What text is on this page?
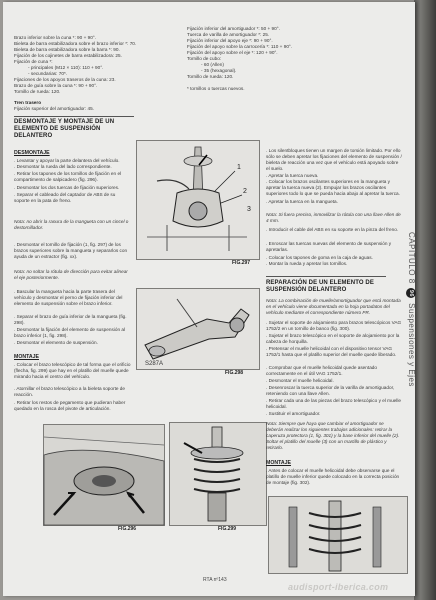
Brazo inferior sobre la cuna *: 90 + 90°.
Bieleta de barra estabilizadora sobre el brazo inferior *: 70.
Bieleta de barra estabilizadora sobre la barra *: 90.
Fijación de los cojinetes de barra estabilizadora: 25.
Fijación de cuna *:
- principales (M12 × 110): 110 + 90°.
- secundarias: 70*.
Fijaciones de los apoyos traseros de la cuna: 23.
Brazo de guía sobre la cuna *: 90 + 90°.
Tornillo de rueda: 120.
Tren trasero
Fijación superior del amortiguador: 45.
DESMONTAJE Y MONTAJE DE UN ELEMENTO DE SUSPENSIÓN DELANTERO
DESMONTAJE
. Levantar y apoyar la parte delantera del vehículo.
. Desmontar la rueda del lado correspondiente.
. Retirar los tapones de los tornillos de fijación en el compartimento de salpicadero (fig. 296).
. Desmontar los dos tuercas de fijación superiores.
. Separar el cableado del captador de ABS de su soporte en la pata de freno.
Nota: no abrir la ranura de la mangueta con un cincel o destornillador.
. Desmontar el tornillo de fijación (1, fig. 297) de los brazos superiores sobre la mangueta y separarlos con ayuda de un extractor (fig. xx).
Nota: no soltar la rótula de dirección para evitar alinear el eje posteriormente.
. Bascular la mangueta hacia la parte trasera del vehículo y desmontar el perno de fijación inferior del elemento de suspensión sobre el brazo inferior.
. Separar el brazo de guía inferior de la mangueta (fig. 298).
. Desmontar la fijación del elemento de suspensión al brazo inferior (1, fig. 298).
. Desmontar el elemento de suspensión.
MONTAJE
. Colocar el brazo telescópico de tal forma que el orificio (flecha, fig. 299) que hay en el platillo del muelle quede mirando hacia el centro del vehículo.
. Atornillar el brazo telescópico a la bieleta soporte de reacción.
. Retirar los restos de pegamento que pudieran haber quedado en la rosca del pivote de articulación.
1
2
3
FIG.297
S287A
FIG.298
FIG.296	FIG.299
Fijación inferior del amortiguador *: 50 + 90°.
Tuerca de varilla de amortiguador *: 25.
Fijación inferior del apoyo eje *: 90 + 90°.
Fijación del apoyo sobre la carrocería *: 110 + 90°.
Fijación del apoyo sobre el eje *: 120 + 90°.
Tornillo de cubo:
- 60 (Allen)
- 35 (hexagonal).
Tornillo de rueda: 120.
* tornillos o tuercas nuevos.
. Los silentbloques tienen un margen de torsión limitado. Por ello sólo se deben apretar los fijaciones del elemento de suspensión / bieleta de reacción una vez que el vehículo está apoyado sobre el suelo.
. Apretar la tuerca nueva.
. Colocar los brazos oscilantes superiores en la mangueta y apretar la tuerca nueva (2). Empujar los brazos oscilantes superiores todo lo que se pueda hacia abajo al apretar la tuerca.
. Apretar la tuerca en la mangueta.
Nota: Si fuera preciso, inmovilizar la rótula con una llave Allen de 4 mm.
. Introducir el cable del ABS en su soporte en la pinza del freno.
. Enroscar las tuercas nuevas del elemento de suspensión y apretarlas.
. Colocar los tapones de goma en la caja de aguas.
. Montar la rueda y apretar los tornillos.
REPARACIÓN DE UN ELEMENTO DE SUSPENSIÓN DELANTERO
Nota: La combinación de muelle/amortiguador que está montada en el vehículo viene documentada en la hoja portadatos del vehículo mediante el correspondiente número PR.
. Sujetar el soporte de alojamiento para brazos telescópicos VAG 1752/2 en un tornillo de banco (fig. 300).
. Sujetar el brazo telescópico en el soporte de alojamiento por la cabeza de horquilla.
. Pretensar el muelle helicoidal con el dispositivo tensor VAG 1752/1 hasta que el platillo superior del muelle quede liberado.
. Comprobar que el muelle helicoidal quede asentado correctamente en el útil VAG 1752/1.
. Desmontar el muelle helicoidal.
. Desenroscar la tuerca superior de la varilla de amortiguador, reteniendo con una llave Allen.
. Retirar cada una de las piezas del brazo telescópico y el muelle helicoidal.
. Sustituir el amortiguador.
Nota: Siempre que haya que cambiar el amortiguador se deberán realizar los siguientes trabajos adicionales: retirar la caperuza protectora (1, fig. 301) y la base inferior del muelle (2). Soltar el platillo del muelle (3) con un martillo de plástico y retirarlo.
MONTAJE
. Antes de colocar el muelle helicoidal debe observarse que el platillo de muelle inferior quede colocado en la correcta posición de montaje (fig. 302).
RTA nº143
audisport-iberica.com
CAPÍTULO 8 96 Suspensiones y Ejes
